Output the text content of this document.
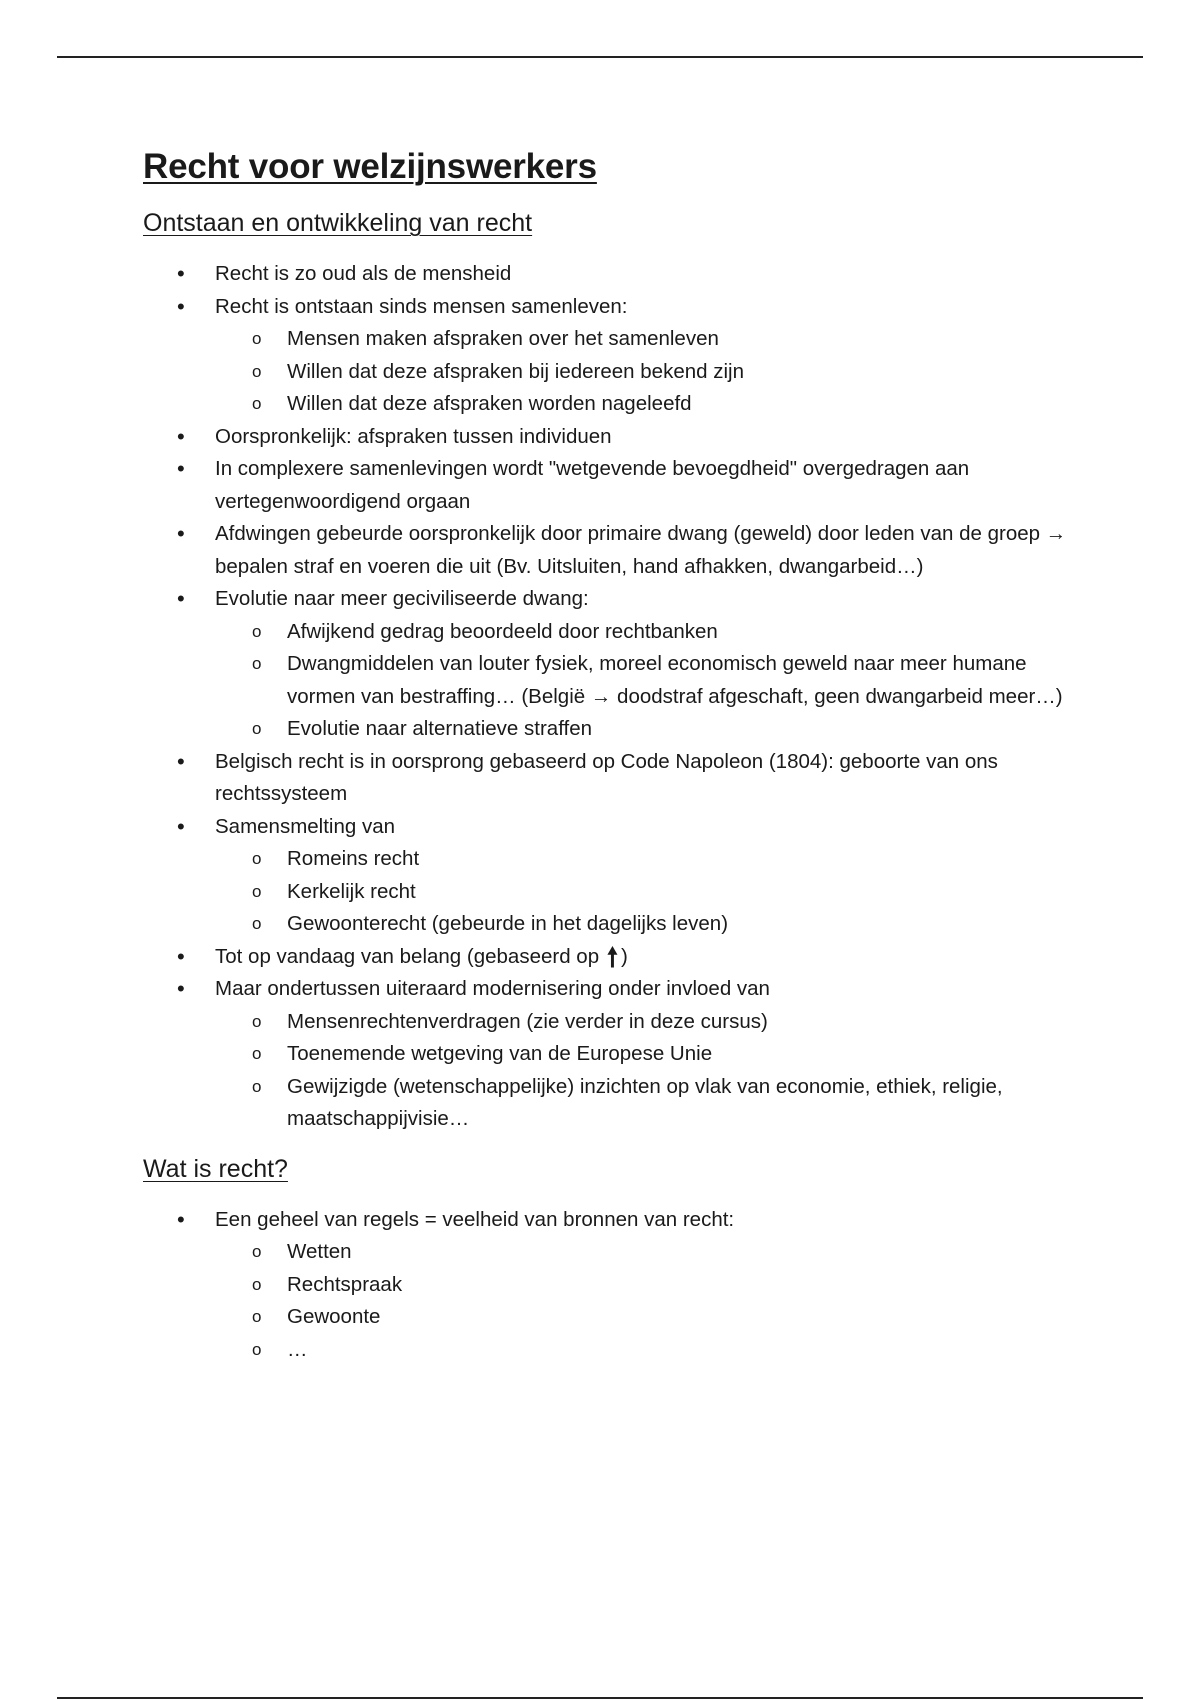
Recht voor welzijnswerkers
Ontstaan en ontwikkeling van recht
• Recht is zo oud als de mensheid
• Recht is ontstaan sinds mensen samenleven:
o Mensen maken afspraken over het samenleven
o Willen dat deze afspraken bij iedereen bekend zijn
o Willen dat deze afspraken worden nageleefd
• Oorspronkelijk: afspraken tussen individuen
• In complexere samenlevingen wordt "wetgevende bevoegdheid" overgedragen aan vertegenwoordigend orgaan
• Afdwingen gebeurde oorspronkelijk door primaire dwang (geweld) door leden van de groep → bepalen straf en voeren die uit (Bv. Uitsluiten, hand afhakken, dwangarbeid…)
• Evolutie naar meer geciviliseerde dwang:
o Afwijkend gedrag beoordeeld door rechtbanken
o Dwangmiddelen van louter fysiek, moreel economisch geweld naar meer humane vormen van bestraffing… (België → doodstraf afgeschaft, geen dwangarbeid meer…)
o Evolutie naar alternatieve straffen
• Belgisch recht is in oorsprong gebaseerd op Code Napoleon (1804): geboorte van ons rechtssysteem
• Samensmelting van
o Romeins recht
o Kerkelijk recht
o Gewoonterecht (gebeurde in het dagelijks leven)
• Tot op vandaag van belang (gebaseerd op 🠕 )
• Maar ondertussen uiteraard modernisering onder invloed van
o Mensenrechtenverdragen (zie verder in deze cursus)
o Toenemende wetgeving van de Europese Unie
o Gewijzigde (wetenschappelijke) inzichten op vlak van economie, ethiek, religie, maatschappijvisie…
Wat is recht?
• Een geheel van regels = veelheid van bronnen van recht:
o Wetten
o Rechtspraak
o Gewoonte
o …
